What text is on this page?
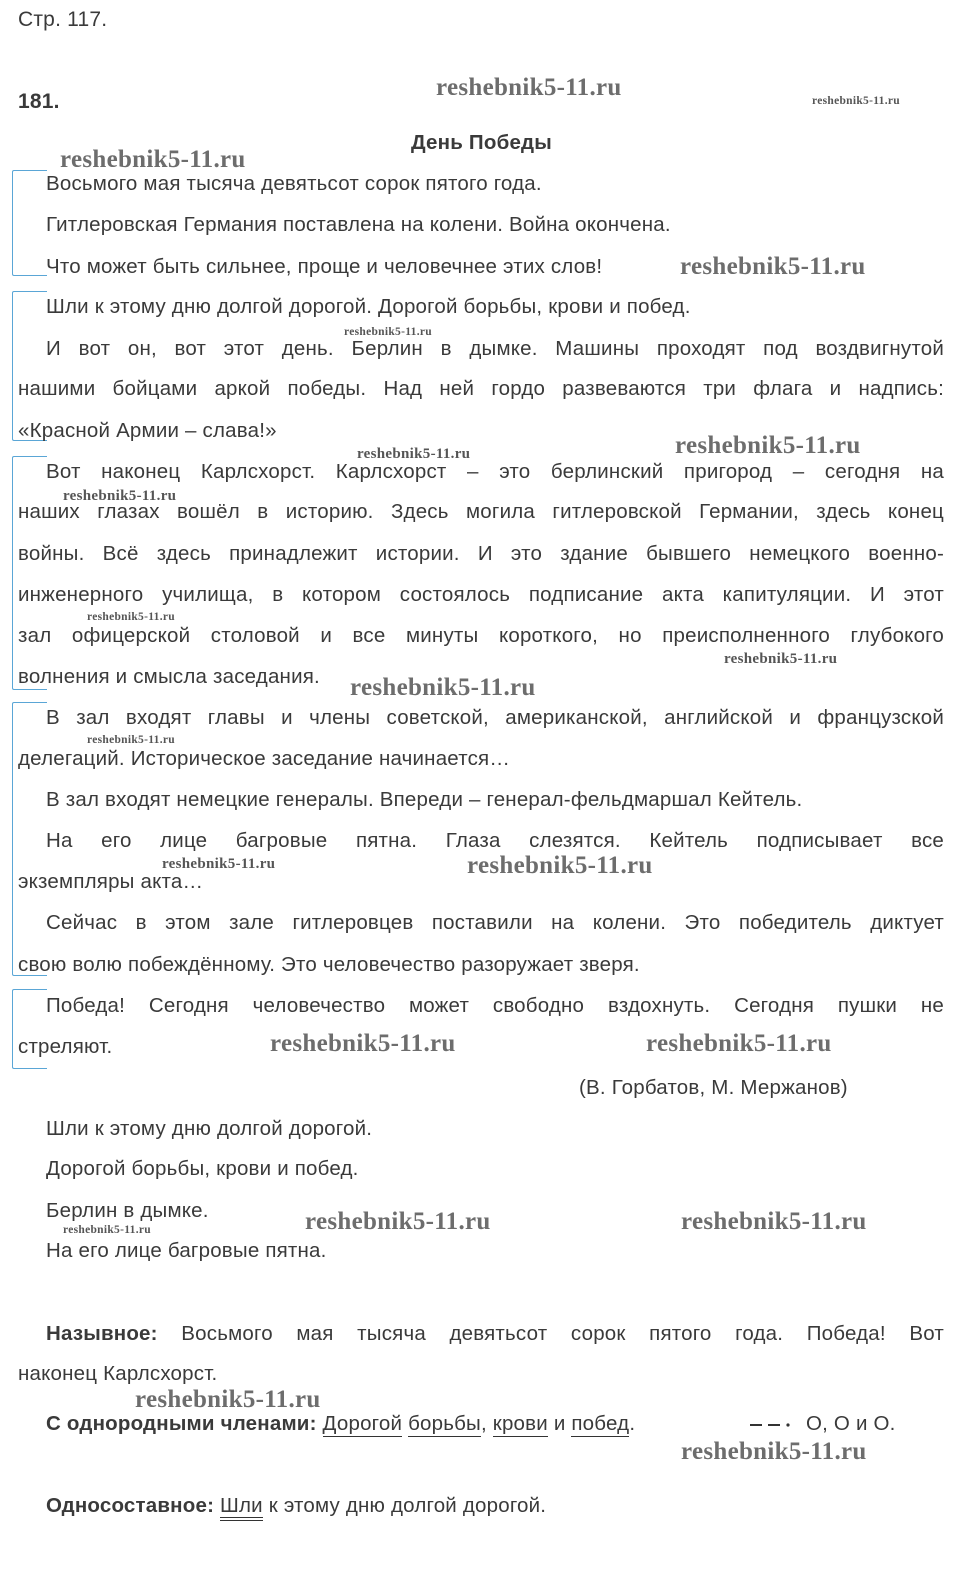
Стр. 117.
181.
День Победы
Восьмого мая тысяча девятьсот сорок пятого года.
Гитлеровская Германия поставлена на колени. Война окончена.
Что может быть сильнее, проще и человечнее этих слов!
Шли к этому дню долгой дорогой. Дорогой борьбы, крови и побед.
И вот он, вот этот день. Берлин в дымке. Машины проходят под воздвигнутой
нашими бойцами аркой победы. Над ней гордо развеваются три флага и надпись:
«Красной Армии – слава!»
Вот наконец Карлсхорст. Карлсхорст – это берлинский пригород – сегодня на
наших глазах вошёл в историю. Здесь могила гитлеровской Германии, здесь конец
войны. Всё здесь принадлежит истории. И это здание бывшего немецкого военно-
инженерного училища, в котором состоялось подписание акта капитуляции. И этот
зал офицерской столовой и все минуты короткого, но преисполненного глубокого
волнения и смысла заседания.
В зал входят главы и члены советской, американской, английской и французской
делегаций. Историческое заседание начинается…
В зал входят немецкие генералы. Впереди – генерал-фельдмаршал Кейтель.
На его лице багровые пятна. Глаза слезятся. Кейтель подписывает все
экземпляры акта…
Сейчас в этом зале гитлеровцев поставили на колени. Это победитель диктует
свою волю побеждённому. Это человечество разоружает зверя.
Победа! Сегодня человечество может свободно вздохнуть. Сегодня пушки не
стреляют.
(В. Горбатов, М. Мержанов)
Шли к этому дню долгой дорогой.
Дорогой борьбы, крови и побед.
Берлин в дымке.
На его лице багровые пятна.
Назывное: Восьмого мая тысяча девятьсот сорок пятого года. Победа! Вот
наконец Карлсхорст.
С однородными членами: Дорогой борьбы, крови и побед.	О, О и О.
Односоставное: Шли к этому дню долгой дорогой.
reshebnik5-11.ru	reshebnik5-11.ru
reshebnik5-11.ru
reshebnik5-11.ru
reshebnik5-11.ru
reshebnik5-11.ru	reshebnik5-11.ru
reshebnik5-11.ru
reshebnik5-11.ru
reshebnik5-11.ru
reshebnik5-11.ru
reshebnik5-11.ru
reshebnik5-11.ru	reshebnik5-11.ru
reshebnik5-11.ru	reshebnik5-11.ru
reshebnik5-11.ru	reshebnik5-11.ru
reshebnik5-11.ru
reshebnik5-11.ru
reshebnik5-11.ru
